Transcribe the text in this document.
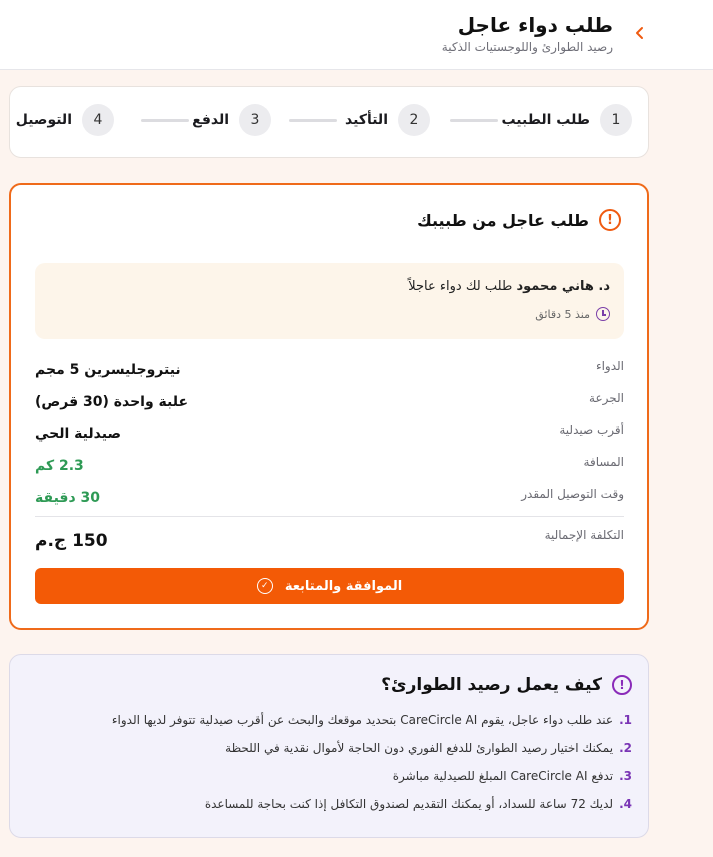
طلب دواء عاجل
رصيد الطوارئ واللوجستيات الذكية
1
طلب الطبيب
2
التأكيد
3
الدفع
4
التوصيل
!
طلب عاجل من طبيبك
د. هاني محمود طلب لك دواء عاجلاً
منذ 5 دقائق
الدواء
نيتروجليسرين 5 مجم
الجرعة
علبة واحدة (30 قرص)
أقرب صيدلية
صيدلية الحي
المسافة
2.3 كم
وقت التوصيل المقدر
30 دقيقة
التكلفة الإجمالية
150 ج.م
الموافقة والمتابعة
✓
!
كيف يعمل رصيد الطوارئ؟
1.
عند طلب دواء عاجل، يقوم CareCircle AI بتحديد موقعك والبحث عن أقرب صيدلية تتوفر لديها الدواء
2.
يمكنك اختيار رصيد الطوارئ للدفع الفوري دون الحاجة لأموال نقدية في اللحظة
3.
تدفع CareCircle AI المبلغ للصيدلية مباشرة
4.
لديك 72 ساعة للسداد، أو يمكنك التقديم لصندوق التكافل إذا كنت بحاجة للمساعدة
